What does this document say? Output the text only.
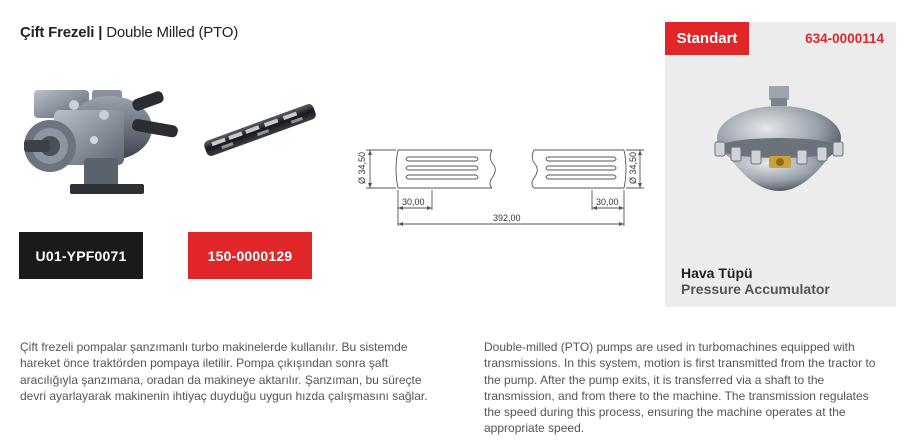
Çift Frezeli | Double Milled (PTO)
Ø 34,50	Ø 34,50
30,00	30,00
392,00
U01-YPF0071	150-0000129
Standart	634-0000114
Hava Tüpü
Pressure Accumulator

Çift frezeli pompalar şanzımanlı turbo makinelerde kullanılır. Bu sistemde hareket önce traktörden pompaya iletilir. Pompa çıkışından sonra şaft aracılığıyla şanzımana, oradan da makineye aktarılır. Şanzıman, bu süreçte devri ayarlayarak makinenin ihtiyaç duyduğu uygun hızda çalışmasını sağlar.

Double-milled (PTO) pumps are used in turbomachines equipped with transmissions. In this system, motion is first transmitted from the tractor to the pump. After the pump exits, it is transferred via a shaft to the transmission, and from there to the machine. The transmission regulates the speed during this process, ensuring the machine operates at the appropriate speed.
